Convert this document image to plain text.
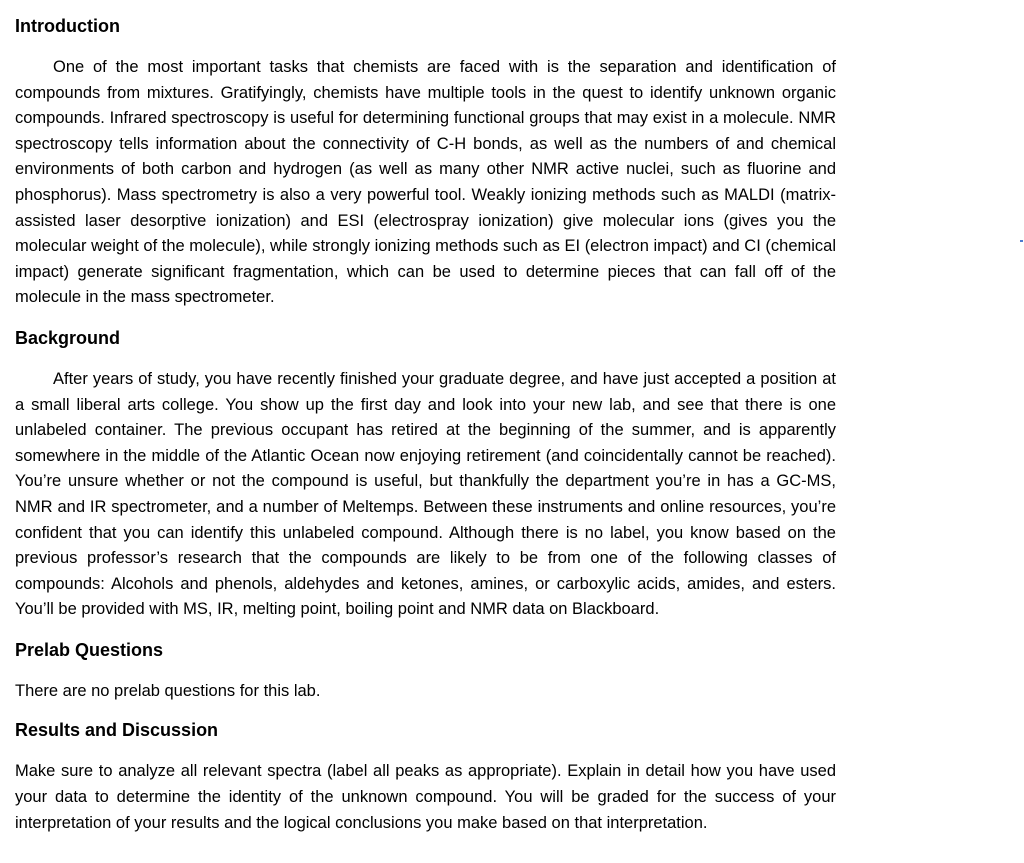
Introduction

One of the most important tasks that chemists are faced with is the separation and identification of compounds from mixtures. Gratifyingly, chemists have multiple tools in the quest to identify unknown organic compounds. Infrared spectroscopy is useful for determining functional groups that may exist in a molecule. NMR spectroscopy tells information about the connectivity of C-H bonds, as well as the numbers of and chemical environments of both carbon and hydrogen (as well as many other NMR active nuclei, such as fluorine and phosphorus). Mass spectrometry is also a very powerful tool. Weakly ionizing methods such as MALDI (matrix-assisted laser desorptive ionization) and ESI (electrospray ionization) give molecular ions (gives you the molecular weight of the molecule), while strongly ionizing methods such as EI (electron impact) and CI (chemical impact) generate significant fragmentation, which can be used to determine pieces that can fall off of the molecule in the mass spectrometer.

Background

After years of study, you have recently finished your graduate degree, and have just accepted a position at a small liberal arts college. You show up the first day and look into your new lab, and see that there is one unlabeled container. The previous occupant has retired at the beginning of the summer, and is apparently somewhere in the middle of the Atlantic Ocean now enjoying retirement (and coincidentally cannot be reached). You’re unsure whether or not the compound is useful, but thankfully the department you’re in has a GC-MS, NMR and IR spectrometer, and a number of Meltemps. Between these instruments and online resources, you’re confident that you can identify this unlabeled compound. Although there is no label, you know based on the previous professor’s research that the compounds are likely to be from one of the following classes of compounds: Alcohols and phenols, aldehydes and ketones, amines, or carboxylic acids, amides, and esters. You’ll be provided with MS, IR, melting point, boiling point and NMR data on Blackboard.

Prelab Questions

There are no prelab questions for this lab.

Results and Discussion

Make sure to analyze all relevant spectra (label all peaks as appropriate). Explain in detail how you have used your data to determine the identity of the unknown compound. You will be graded for the success of your interpretation of your results and the logical conclusions you make based on that interpretation.
